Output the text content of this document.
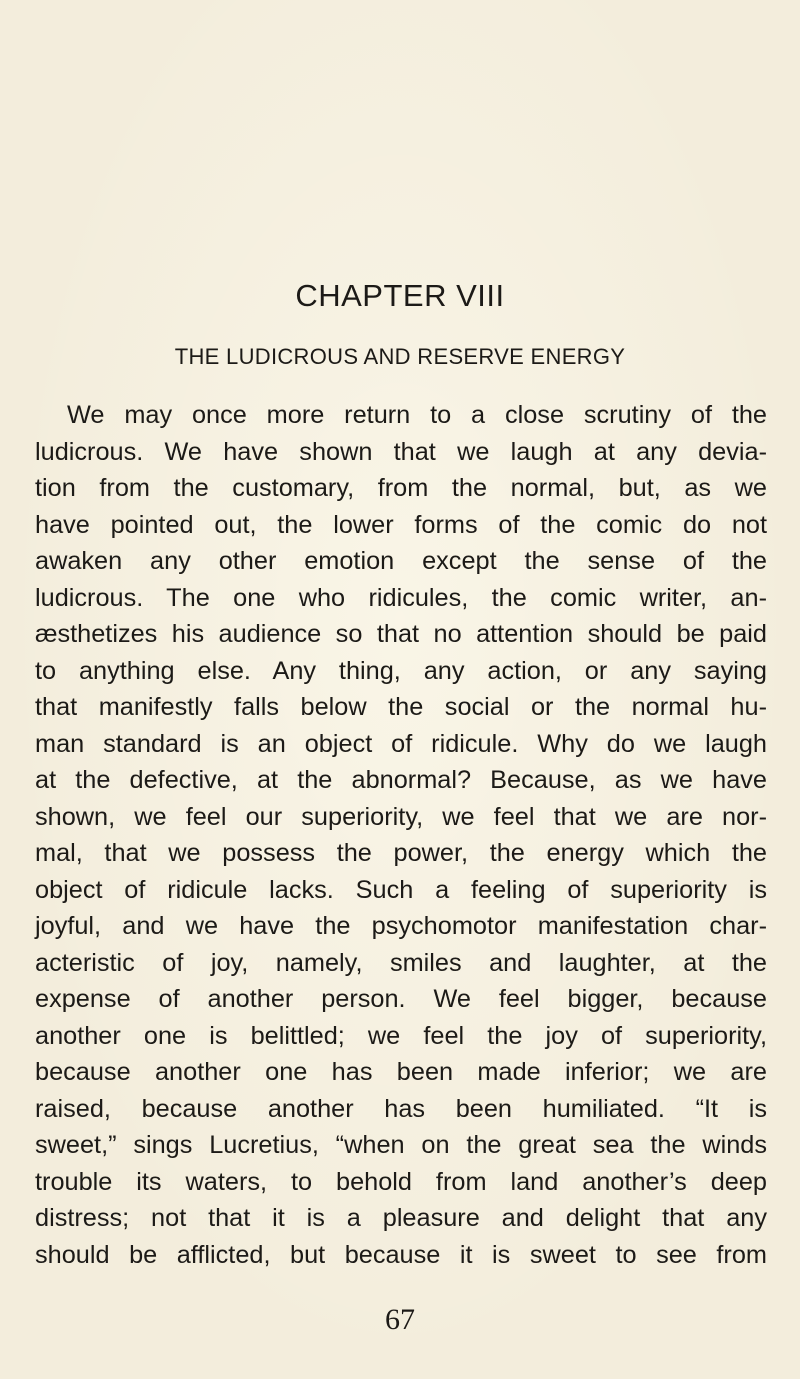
CHAPTER VIII
THE LUDICROUS AND RESERVE ENERGY
We may once more return to a close scrutiny of the
ludicrous. We have shown that we laugh at any devia-
tion from the customary, from the normal, but, as we
have pointed out, the lower forms of the comic do not
awaken any other emotion except the sense of the
ludicrous. The one who ridicules, the comic writer, an-
æsthetizes his audience so that no attention should be paid
to anything else. Any thing, any action, or any saying
that manifestly falls below the social or the normal hu-
man standard is an object of ridicule. Why do we laugh
at the defective, at the abnormal? Because, as we have
shown, we feel our superiority, we feel that we are nor-
mal, that we possess the power, the energy which the
object of ridicule lacks. Such a feeling of superiority is
joyful, and we have the psychomotor manifestation char-
acteristic of joy, namely, smiles and laughter, at the
expense of another person. We feel bigger, because
another one is belittled; we feel the joy of superiority,
because another one has been made inferior; we are
raised, because another has been humiliated. “It is
sweet,” sings Lucretius, “when on the great sea the winds
trouble its waters, to behold from land another’s deep
distress; not that it is a pleasure and delight that any
should be afflicted, but because it is sweet to see from
67
